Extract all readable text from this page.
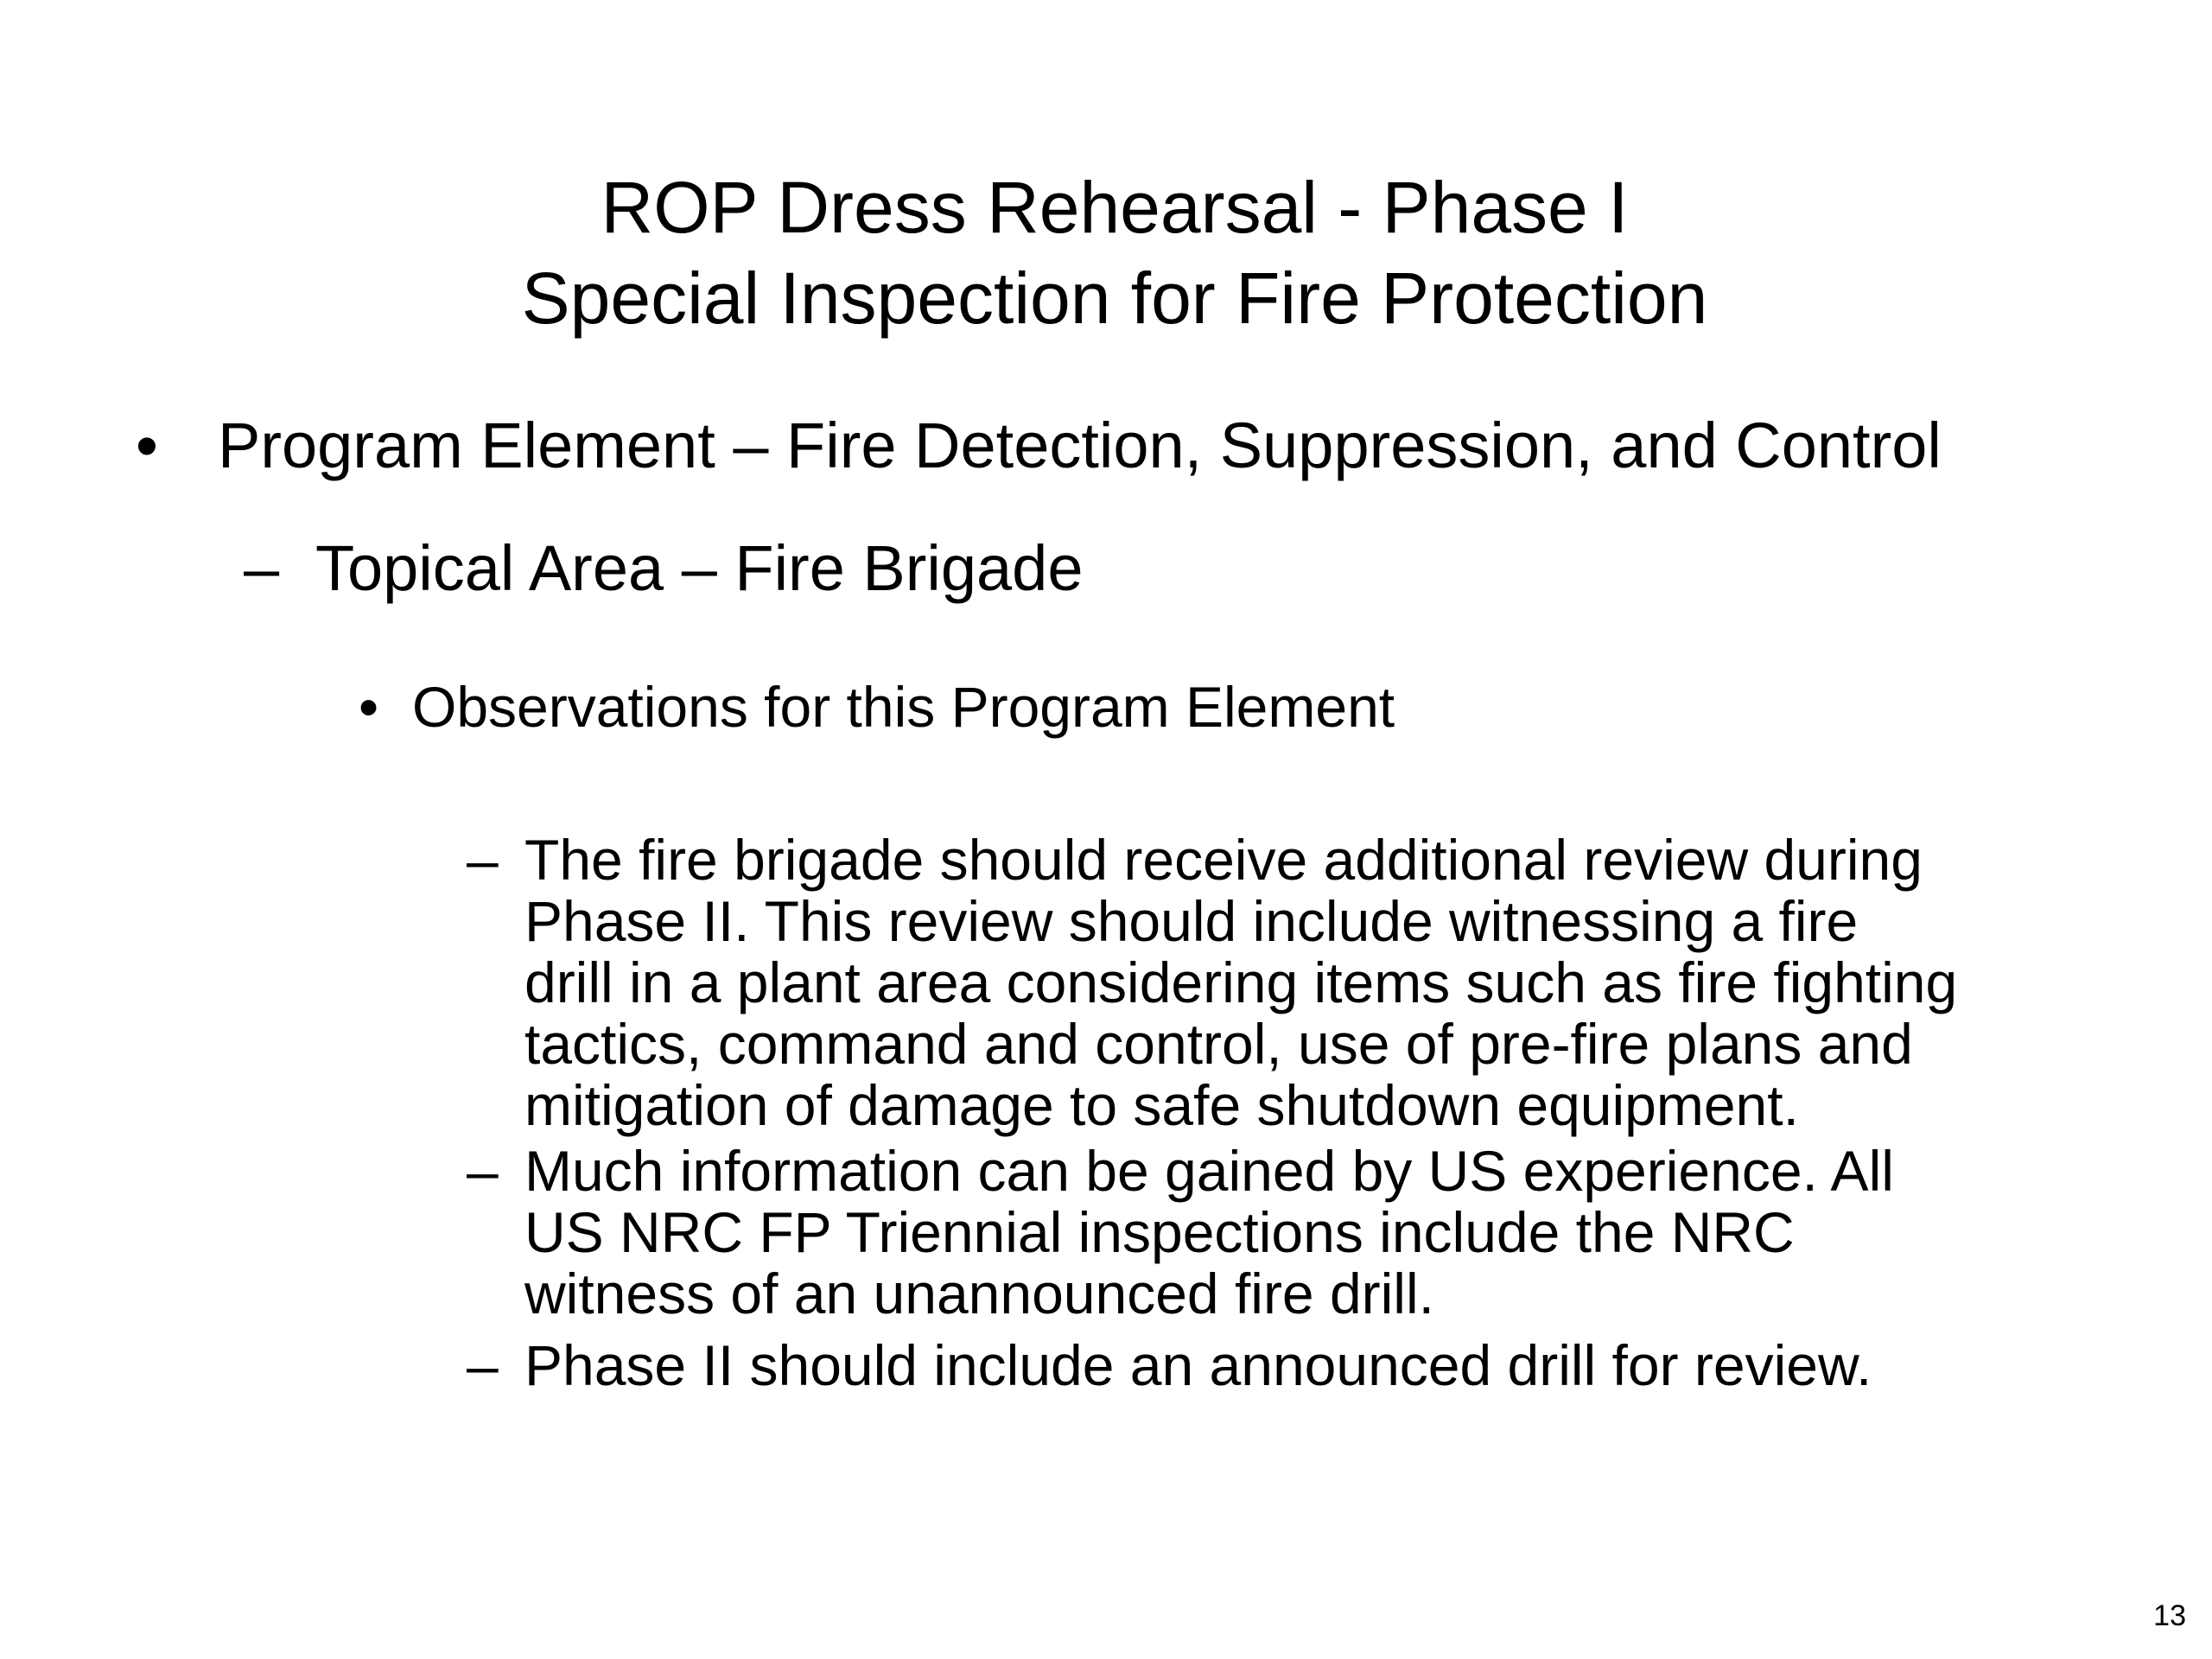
ROP Dress Rehearsal - Phase I
Special Inspection for Fire Protection
• Program Element – Fire Detection, Suppression, and Control
– Topical Area – Fire Brigade
• Observations for this Program Element
– The fire brigade should receive additional review during
Phase II. This review should include witnessing a fire
drill in a plant area considering items such as fire fighting
tactics, command and control, use of pre-fire plans and
mitigation of damage to safe shutdown equipment.
– Much information can be gained by US experience. All
US NRC FP Triennial inspections include the NRC
witness of an unannounced fire drill.
– Phase II should include an announced drill for review.
13
